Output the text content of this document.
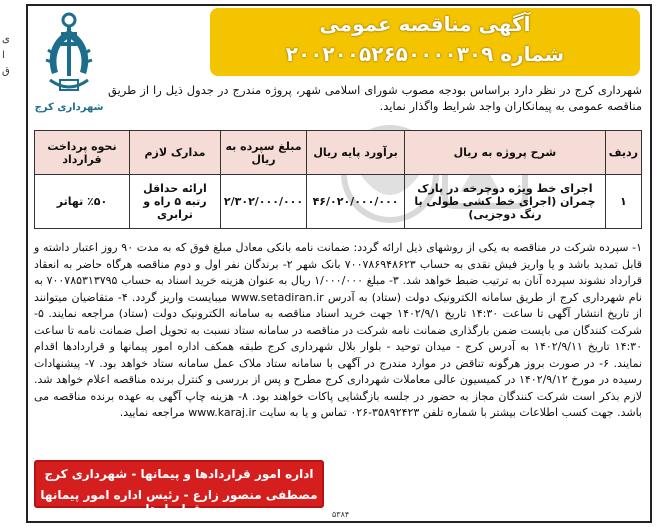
ی
ا
ق
شهرداری کرج
آگهی مناقصه عمومی
شماره ۲۰۰۲۰۰۵۲۶۵۰۰۰۰۳۰۹

شهرداری کرج در نظر دارد براساس بودجه مصوب شورای اسلامی شهر، پروژه مندرج در جدول ذیل را از طریق مناقصه عمومی به پیمانکاران واجد شرایط واگذار نماید.

ردیف	شرح پروژه به ریال	برآورد پایه ریال	مبلغ سپرده به ریال	مدارک لازم	نحوه پرداخت قرارداد
۱	اجرای خط ویژه دوچرخه در پارک چمران (اجرای خط کشی طولی با رنگ دوجزیی)	۴۶/۰۲۰/۰۰۰/۰۰۰	۲/۳۰۲/۰۰۰/۰۰۰	ارائه حداقل رتبه ۵ راه و ترابری	٪۵۰ تهاتر

۱- سپرده شرکت در مناقصه به یکی از روشهای ذیل ارائه گردد: ضمانت نامه بانکی معادل مبلغ فوق که به مدت ۹۰ روز اعتبار داشته و قابل تمدید باشد و یا واریز فیش نقدی به حساب ۷۰۰۷۸۶۹۴۸۶۲۳ بانک شهر ۲- برندگان نفر اول و دوم مناقصه هرگاه حاضر به انعقاد قرارداد نشوند سپرده آنان به ترتیب ضبط خواهد شد. ۳- مبلغ ۱/۰۰۰/۰۰۰ ریال به عنوان هزینه خرید اسناد به حساب ۷۰۰۷۸۵۳۱۳۷۹۵ به نام شهرداری کرج از طریق سامانه الکترونیک دولت (ستاد) به آدرس www.setadiran.ir میبایست واریز گردد. ۴- متقاضیان میتوانند از تاریخ انتشار آگهی تا ساعت ۱۴:۳۰ تاریخ ۱۴۰۲/۹/۱ جهت خرید اسناد مناقصه به سامانه الکترونیک دولت (ستاد) مراجعه نمایند. ۵- شرکت کنندگان می بایست ضمن بارگذاری ضمانت نامه شرکت در مناقصه در سامانه ستاد نسبت به تحویل اصل ضمانت نامه تا ساعت ۱۴:۳۰ تاریخ ۱۴۰۲/۹/۱۱ به آدرس کرج - میدان توحید - بلوار بلال شهرداری کرج طبقه همکف اداره امور پیمانها و قراردادها اقدام نمایند. ۶- در صورت بروز هرگونه تناقض در موارد مندرج در آگهی با سامانه ستاد ملاک عمل سامانه ستاد خواهد بود. ۷- پیشنهادات رسیده در مورخ ۱۴۰۲/۹/۱۲ در کمیسیون عالی معاملات شهرداری کرج مطرح و پس از بررسی و کنترل برنده مناقصه اعلام خواهد شد. لازم بذکر است شرکت کنندگان مجاز به حضور در جلسه بازگشایی پاکات خواهند بود. ۸- هزینه چاپ آگهی به عهده برنده مناقصه می باشد. جهت کسب اطلاعات بیشتر با شماره تلفن ۳۵۸۹۲۴۲۳-۰۲۶ تماس و یا به سایت www.karaj.ir مراجعه نمایید.

اداره امور قراردادها و پیمانها - شهرداری کرج
مصطفی منصور زارع - رئیس اداره امور پیمانها و قراردادها	۵۳۸۴
